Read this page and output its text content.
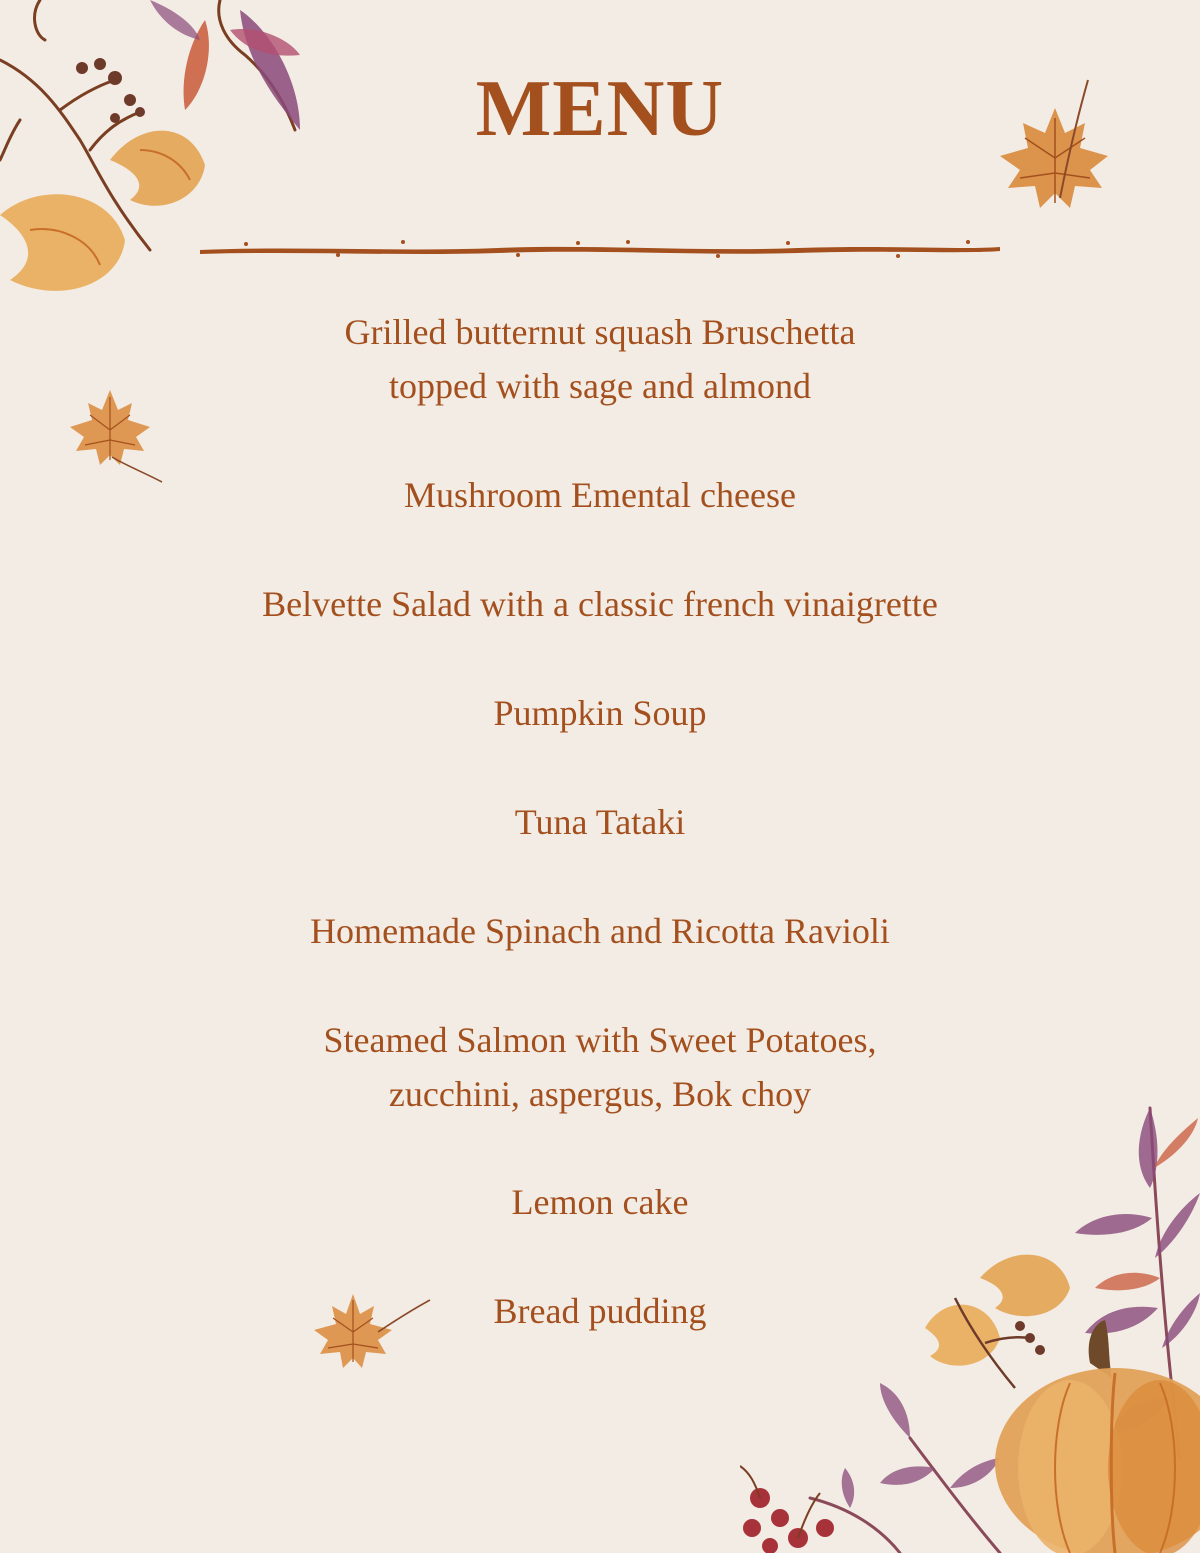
MENU

Grilled butternut squash Bruschetta
topped with sage and almond

Mushroom Emental cheese

Belvette Salad with a classic french vinaigrette

Pumpkin Soup

Tuna Tataki

Homemade Spinach and Ricotta Ravioli

Steamed Salmon with Sweet Potatoes,
zucchini, aspergus, Bok choy

Lemon cake

Bread pudding
